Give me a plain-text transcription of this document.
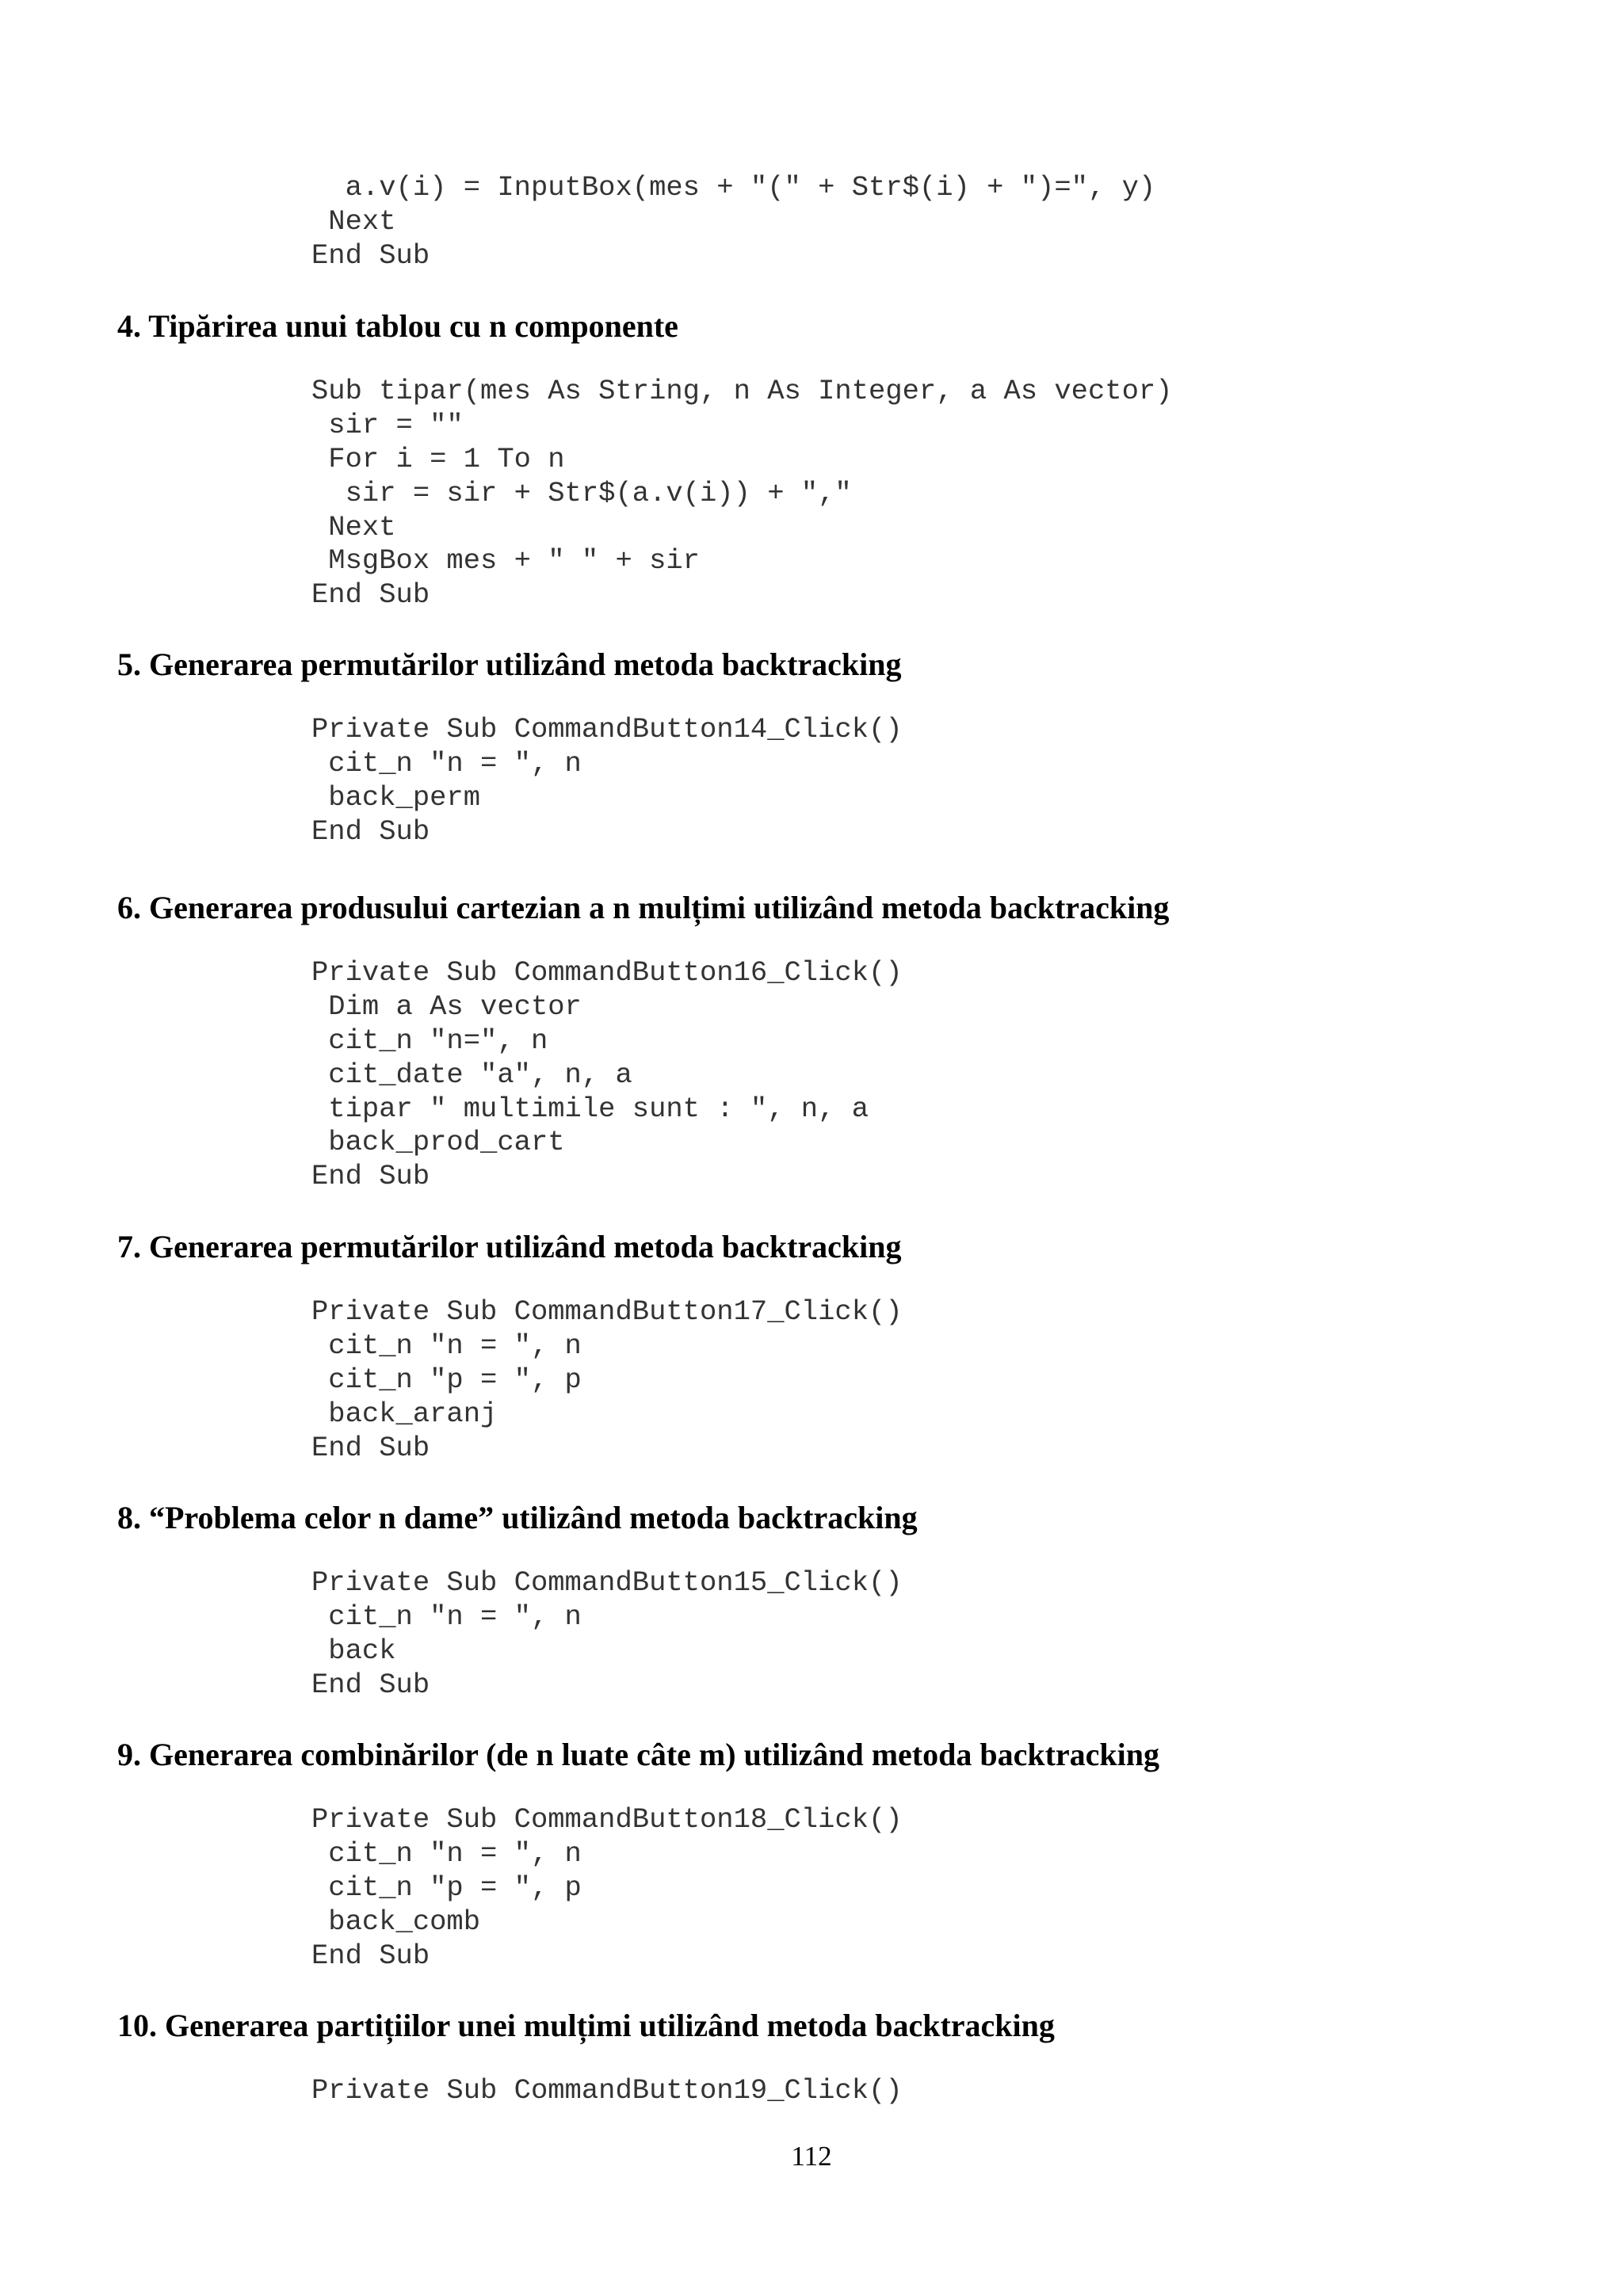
a.v(i) = InputBox(mes + "(" + Str$(i) + ")=", y)
Next
End Sub
4. Tipărirea unui tablou cu n componente
Sub tipar(mes As String, n As Integer, a As vector)
sir = ""
For i = 1 To n
sir = sir + Str$(a.v(i)) + ","
Next
MsgBox mes + " " + sir
End Sub
5. Generarea permutărilor utilizând metoda backtracking
Private Sub CommandButton14_Click()
cit_n "n = ", n
back_perm
End Sub
6. Generarea produsului cartezian a n mulțimi utilizând metoda backtracking
Private Sub CommandButton16_Click()
Dim a As vector
cit_n "n=", n
cit_date "a", n, a
tipar " multimile sunt : ", n, a
back_prod_cart
End Sub
7. Generarea permutărilor utilizând metoda backtracking
Private Sub CommandButton17_Click()
cit_n "n = ", n
cit_n "p = ", p
back_aranj
End Sub
8. “Problema celor n dame” utilizând metoda backtracking
Private Sub CommandButton15_Click()
cit_n "n = ", n
back
End Sub
9. Generarea combinărilor (de n luate câte m) utilizând metoda backtracking
Private Sub CommandButton18_Click()
cit_n "n = ", n
cit_n "p = ", p
back_comb
End Sub
10. Generarea partițiilor unei mulțimi utilizând metoda backtracking
Private Sub CommandButton19_Click()
112
